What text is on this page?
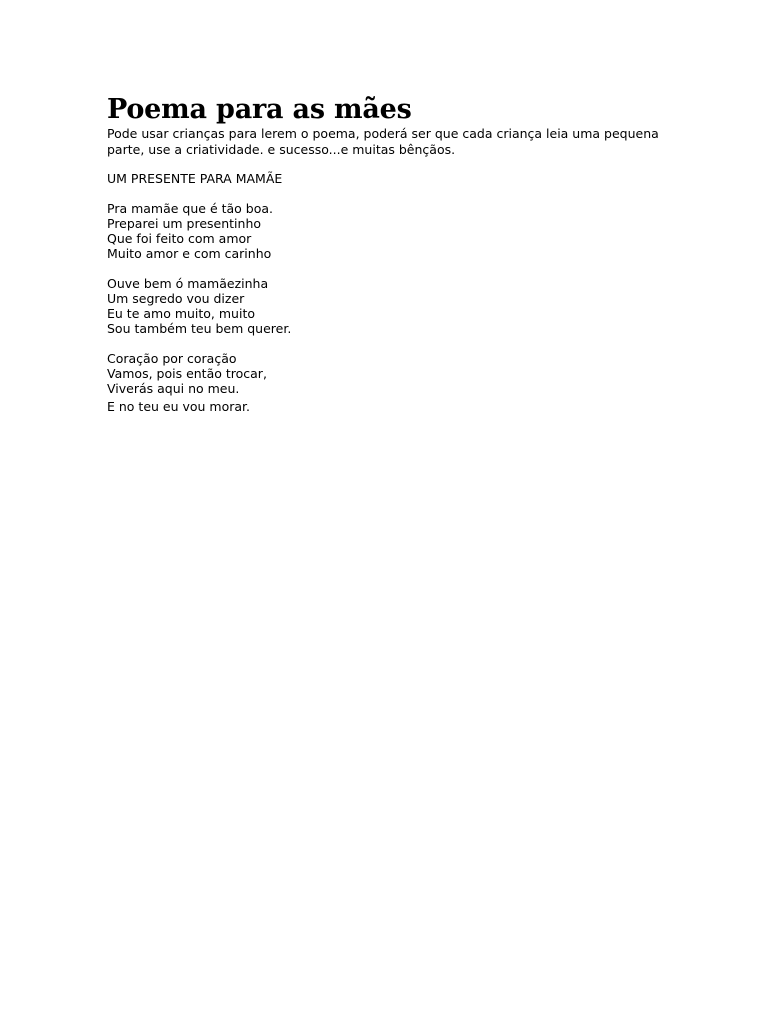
Poema para as mães

Pode usar crianças para lerem o poema, poderá ser que cada criança leia uma pequena parte, use a criatividade. e sucesso...e muitas bênçãos.

UM PRESENTE PARA MAMÃE

Pra mamãe que é tão boa.
Preparei um presentinho
Que foi feito com amor
Muito amor e com carinho
Ouve bem ó mamãezinha
Um segredo vou dizer
Eu te amo muito, muito
Sou também teu bem querer.
Coração por coração
Vamos, pois então trocar,
Viverás aqui no meu.
E no teu eu vou morar.
